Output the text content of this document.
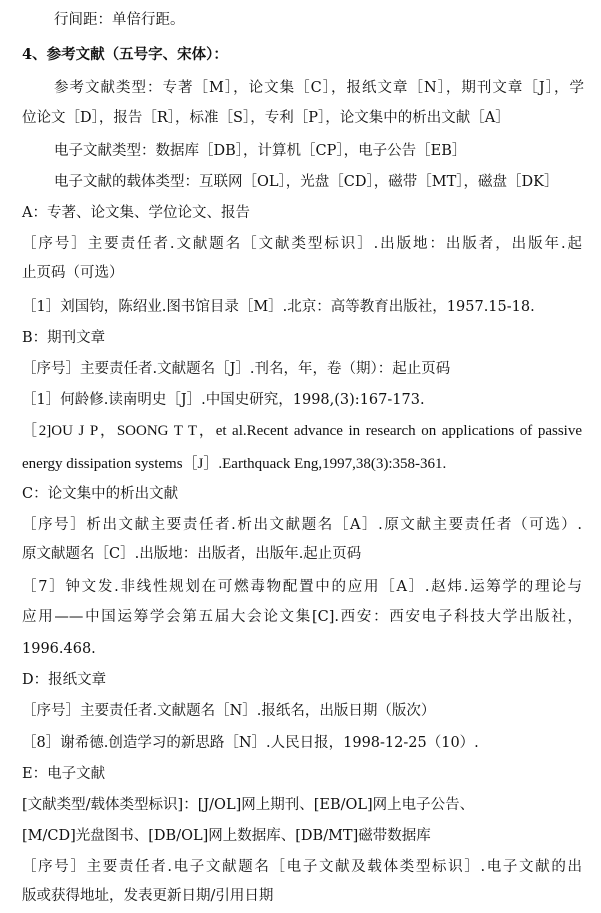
行间距：单倍行距。
4、参考文献（五号字、宋体）：
参考文献类型：专著［M］，论文集［C］，报纸文章［N］，期刊文章［J］，学
位论文［D］，报告［R］，标准［S］，专利［P］，论文集中的析出文献［A］
电子文献类型：数据库［DB］，计算机［CP］，电子公告［EB］
电子文献的载体类型：互联网［OL］，光盘［CD］，磁带［MT］，磁盘［DK］
A：专著、论文集、学位论文、报告
［序号］主要责任者.文献题名［文献类型标识］.出版地：出版者，出版年.起
止页码（可选）
［1］刘国钧，陈绍业.图书馆目录［M］.北京：高等教育出版社，1957.15-18.
B：期刊文章
［序号］主要责任者.文献题名［J］.刊名，年，卷（期）：起止页码
［1］何龄修.读南明史［J］.中国史研究，1998,(3):167-173.
［2]OU J P，SOONG T T，et al.Recent advance in research on applications of passive
energy dissipation systems［J］.Earthquack Eng,1997,38(3):358-361.
C：论文集中的析出文献
［序号］析出文献主要责任者.析出文献题名［A］.原文献主要责任者（可选）.
原文献题名［C］.出版地：出版者，出版年.起止页码
［7］钟文发.非线性规划在可燃毒物配置中的应用［A］.赵炜.运筹学的理论与
应用——中国运筹学会第五届大会论文集[C].西安：西安电子科技大学出版社，
1996.468.
D：报纸文章
［序号］主要责任者.文献题名［N］.报纸名，出版日期（版次）
［8］谢希德.创造学习的新思路［N］.人民日报，1998-12-25（10）.
E：电子文献
[文献类型/载体类型标识]：[J/OL]网上期刊、[EB/OL]网上电子公告、
[M/CD]光盘图书、[DB/OL]网上数据库、[DB/MT]磁带数据库
［序号］主要责任者.电子文献题名［电子文献及载体类型标识］.电子文献的出
版或获得地址，发表更新日期/引用日期
